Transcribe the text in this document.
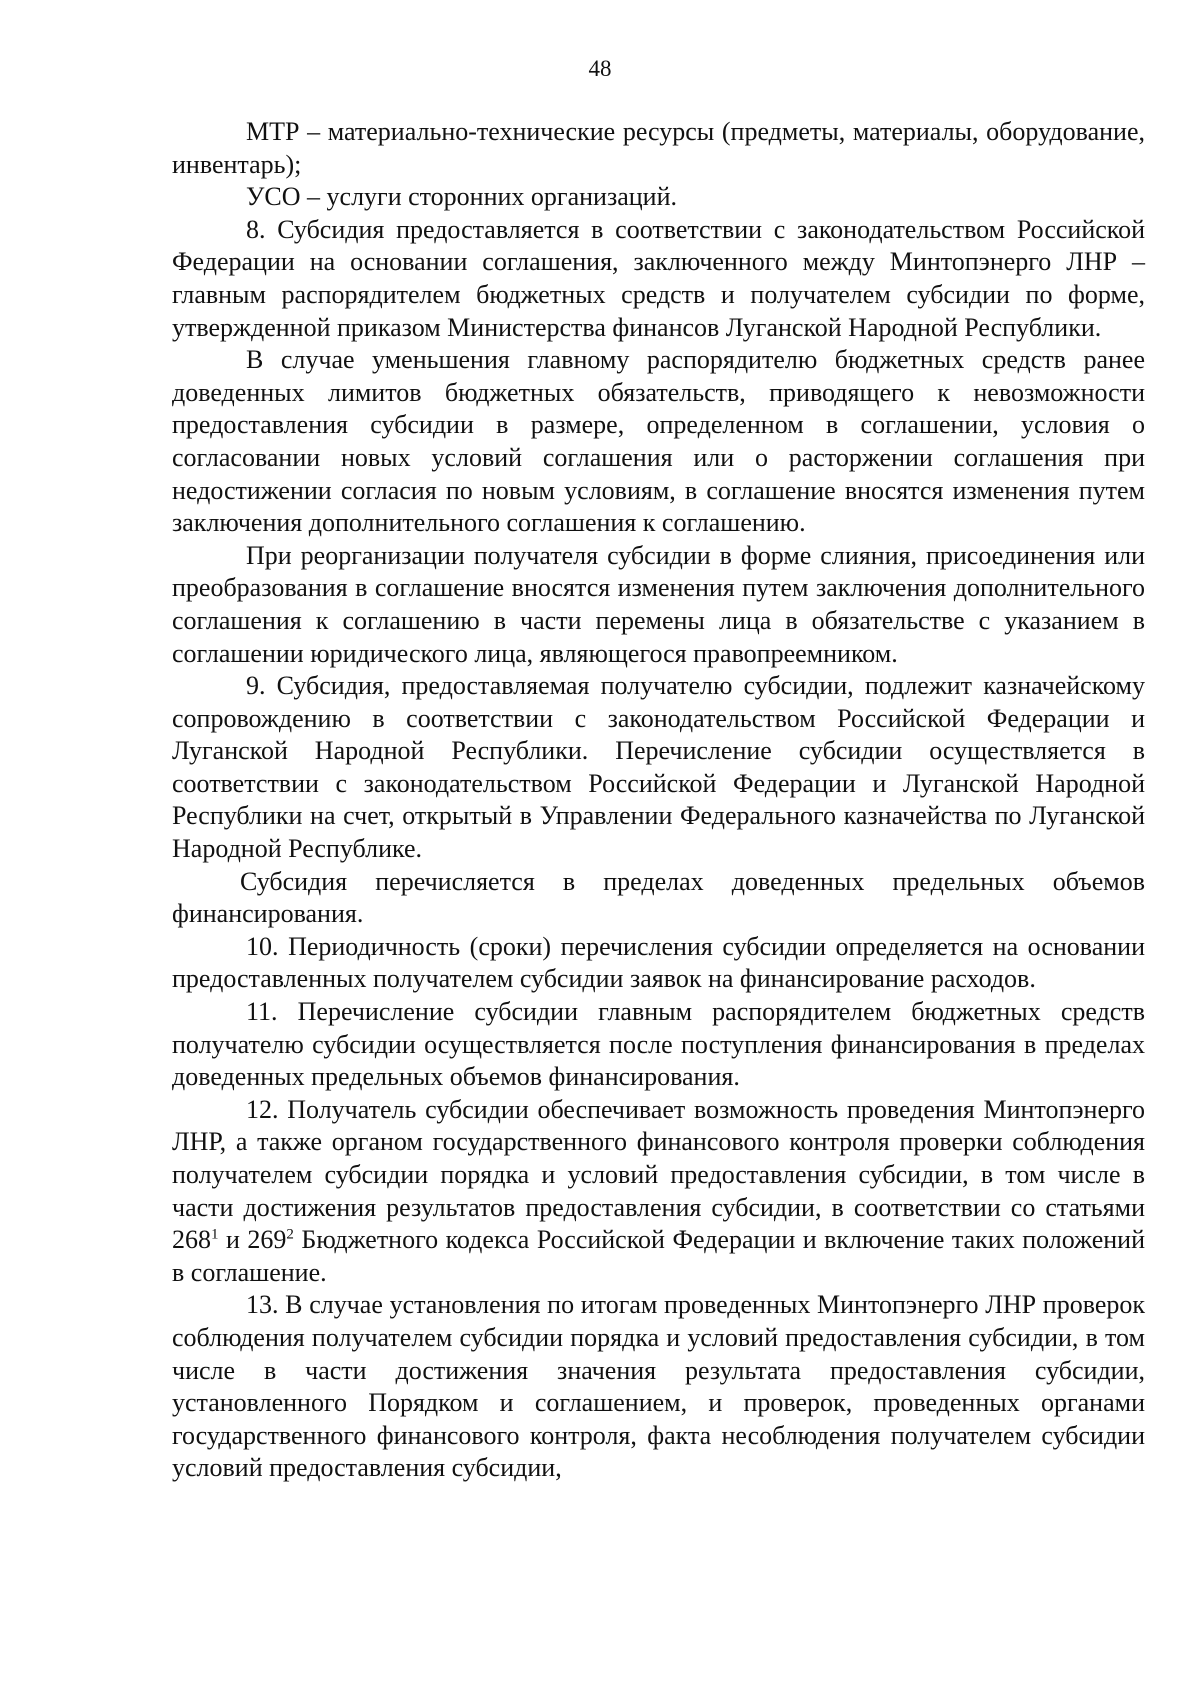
48

МТР – материально-технические ресурсы (предметы, материалы, оборудование, инвентарь);

УСО – услуги сторонних организаций.

8. Субсидия предоставляется в соответствии с законодательством Российской Федерации на основании соглашения, заключенного между Минтопэнерго ЛНР – главным распорядителем бюджетных средств и получателем субсидии по форме, утвержденной приказом Министерства финансов Луганской Народной Республики.

В случае уменьшения главному распорядителю бюджетных средств ранее доведенных лимитов бюджетных обязательств, приводящего к невозможности предоставления субсидии в размере, определенном в соглашении, условия о согласовании новых условий соглашения или о расторжении соглашения при недостижении согласия по новым условиям, в соглашение вносятся изменения путем заключения дополнительного соглашения к соглашению.

При реорганизации получателя субсидии в форме слияния, присоединения или преобразования в соглашение вносятся изменения путем заключения дополнительного соглашения к соглашению в части перемены лица в обязательстве с указанием в соглашении юридического лица, являющегося правопреемником.

9. Субсидия, предоставляемая получателю субсидии, подлежит казначейскому сопровождению в соответствии с законодательством Российской Федерации и Луганской Народной Республики. Перечисление субсидии осуществляется в соответствии с законодательством Российской Федерации и Луганской Народной Республики на счет, открытый в Управлении Федерального казначейства по Луганской Народной Республике.

Субсидия перечисляется в пределах доведенных предельных объемов финансирования.

10. Периодичность (сроки) перечисления субсидии определяется на основании предоставленных получателем субсидии заявок на финансирование расходов.

11. Перечисление субсидии главным распорядителем бюджетных средств получателю субсидии осуществляется после поступления финансирования в пределах доведенных предельных объемов финансирования.

12. Получатель субсидии обеспечивает возможность проведения Минтопэнерго ЛНР, а также органом государственного финансового контроля проверки соблюдения получателем субсидии порядка и условий предоставления субсидии, в том числе в части достижения результатов предоставления субсидии, в соответствии со статьями $268^1$ и $269^2$ Бюджетного кодекса Российской Федерации и включение таких положений в соглашение.

13. В случае установления по итогам проведенных Минтопэнерго ЛНР проверок соблюдения получателем субсидии порядка и условий предоставления субсидии, в том числе в части достижения значения результата предоставления субсидии, установленного Порядком и соглашением, и проверок, проведенных органами государственного финансового контроля, факта несоблюдения получателем субсидии условий предоставления субсидии,
